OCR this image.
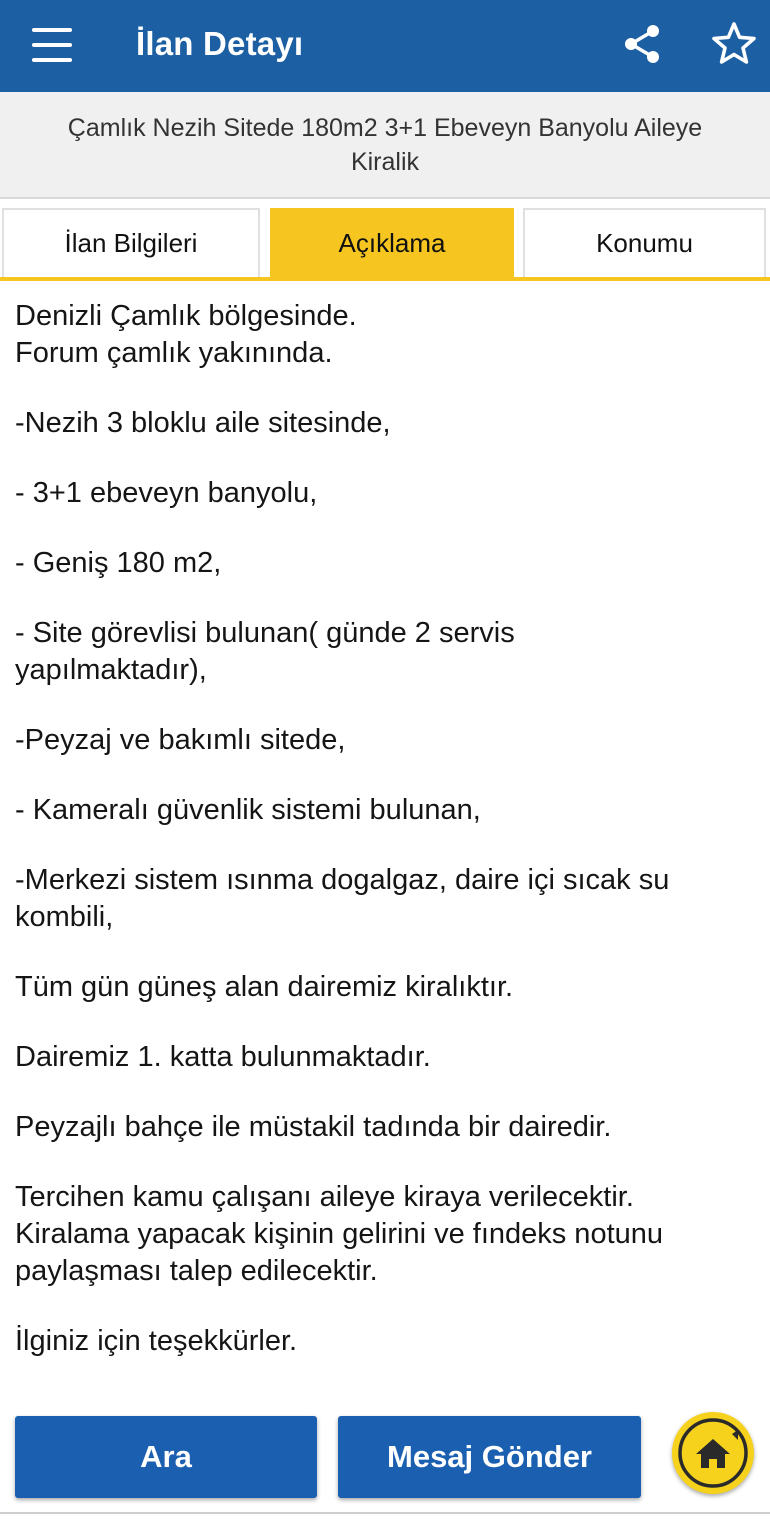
İlan Detayı
Çamlık Nezih Sitede 180m2 3+1 Ebeveyn Banyolu Aileye Kiralik
İlan Bilgileri	Açıklama	Konumu

Denizli Çamlık bölgesinde.
Forum çamlık yakınında.

-Nezih 3 bloklu aile sitesinde,

- 3+1 ebeveyn banyolu,

- Geniş 180 m2,

- Site görevlisi bulunan( günde 2 servis
yapılmaktadır),

-Peyzaj ve bakımlı sitede,

- Kameralı güvenlik sistemi bulunan,

-Merkezi sistem ısınma dogalgaz, daire içi sıcak su
kombili,

Tüm gün güneş alan dairemiz kiralıktır.

Dairemiz 1. katta bulunmaktadır.

Peyzajlı bahçe ile müstakil tadında bir dairedir.

Tercihen kamu çalışanı aileye kiraya verilecektir.
Kiralama yapacak kişinin gelirini ve fındeks notunu
paylaşması talep edilecektir.

İlginiz için teşekkürler.

Ara	Mesaj Gönder
